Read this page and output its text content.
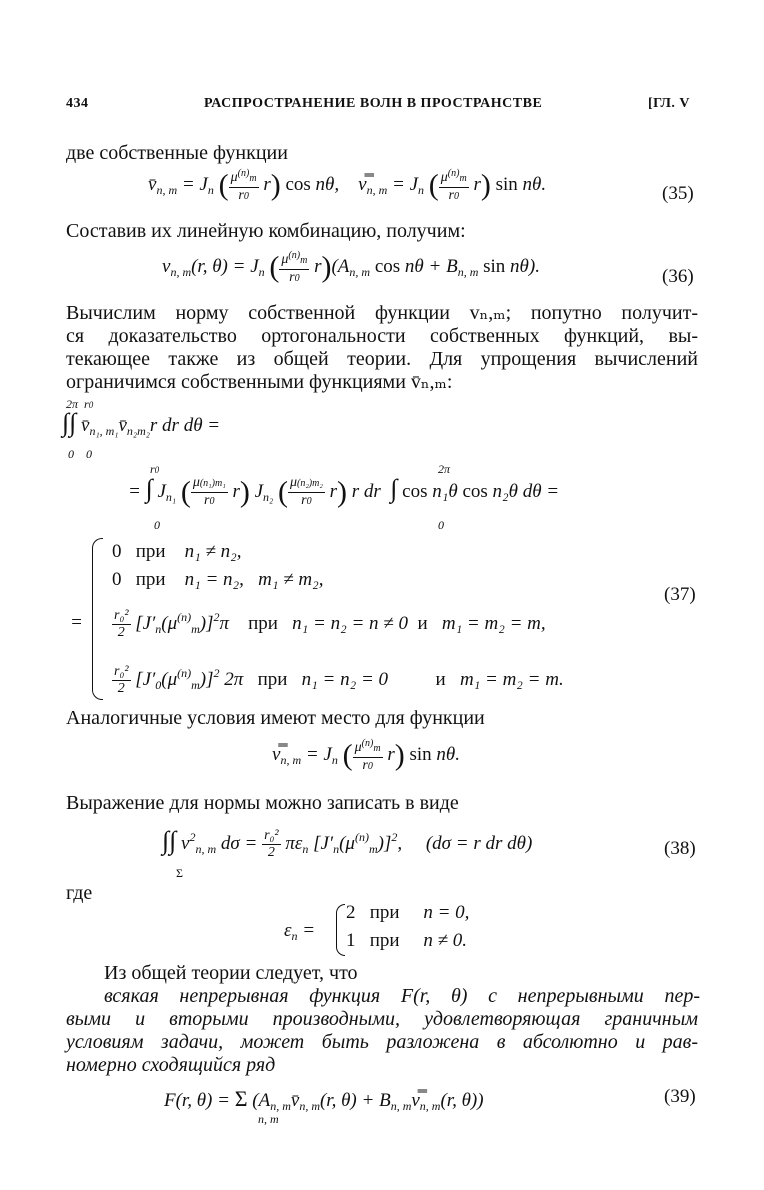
434	РАСПРОСТРАНЕНИЕ ВОЛН В ПРОСТРАНСТВЕ	[ГЛ. V
две собственные функции
$v̄_{n, m} = J_n$ ( $\frac{\mu^{(n)}m}{r0} r$) cos nθ,    $v̿_{n, m} = J_n$ ( $\frac{\mu^{(n)}m}{r0} r$) sin nθ.	(35)
Составив их линейную комбинацию, получим:
$v_{n, m}(r$, $\theta) = J_n$ ( $\frac{\mu^{(n)}m}{r0} r)(A_{n, m}$ $\cos n\theta + B_{n, m}$ sin nθ).	(36)
Вычислим норму собственной функции vₙ,ₘ; попутно получит-
ся доказательство ортогональности собственных функций, вы-
текающее также из общей теории. Для упрощения вычислений
ограничимся собственными функциями v̄ₙ,ₘ:
2π  r0
∫∫ $v̄_{n_1, m_1}v̄_{n_2m_2}r$ dr dθ =
0    0
r0	2π
= ∫ $J_{n_1}$ ( $\frac{\text{μ(n₁)m₁}}{r0} r$) $J_{n_2}$ ( $\frac{\text{μ(n₂)m₂}}{r0} r$) r dr  ∫ cos n₁θ cos n₂θ dθ =
0	0
=
0   при    n₁ ≠ n₂,
0   при    n₁ = n₂,   m₁ ≠ m₂,
$\frac{\text{r₀²}}{2} [J'_n(\mu^{(n)}_m)]^2\pi$    при   n₁ = n₂ = n ≠ 0  и   m₁ = m₂ = m,
$\frac{\text{r₀²}}{2} [J'_0(\mu^{(n)}_m)]^2$ 2π   при   n₁ = n₂ = 0          и   m₁ = m₂ = m.
(37)
Аналогичные условия имеют место для функции
$v̿_{n, m} = J_n$ ( $\frac{\mu^{(n)}m}{r0} r$) sin nθ.
Выражение для нормы можно записать в виде
∫∫ $v^2_{n, m}$ $d\sigma = \frac{\text{r₀²}}{2} \pi\varepsilon_n$ $[J'_n(\mu^{(n)}_m)]^2$,     (dσ = r dr dθ)
Σ
(38)
где
$\varepsilon_n$ =
2   при     n = 0,
1   при     n ≠ 0.
Из общей теории следует, что
всякая непрерывная функция F(r, θ) с непрерывными пер-
выми и вторыми производными, удовлетворяющая граничным
условиям задачи, может быть разложена в абсолютно и рав-
номерно сходящийся ряд
F(r, θ) = Σ ($A_{n, m}v̄_{n, m}(r$, $\theta) + B_{n, m}v̿_{n, m}(r$, θ))
n, m
(39)
